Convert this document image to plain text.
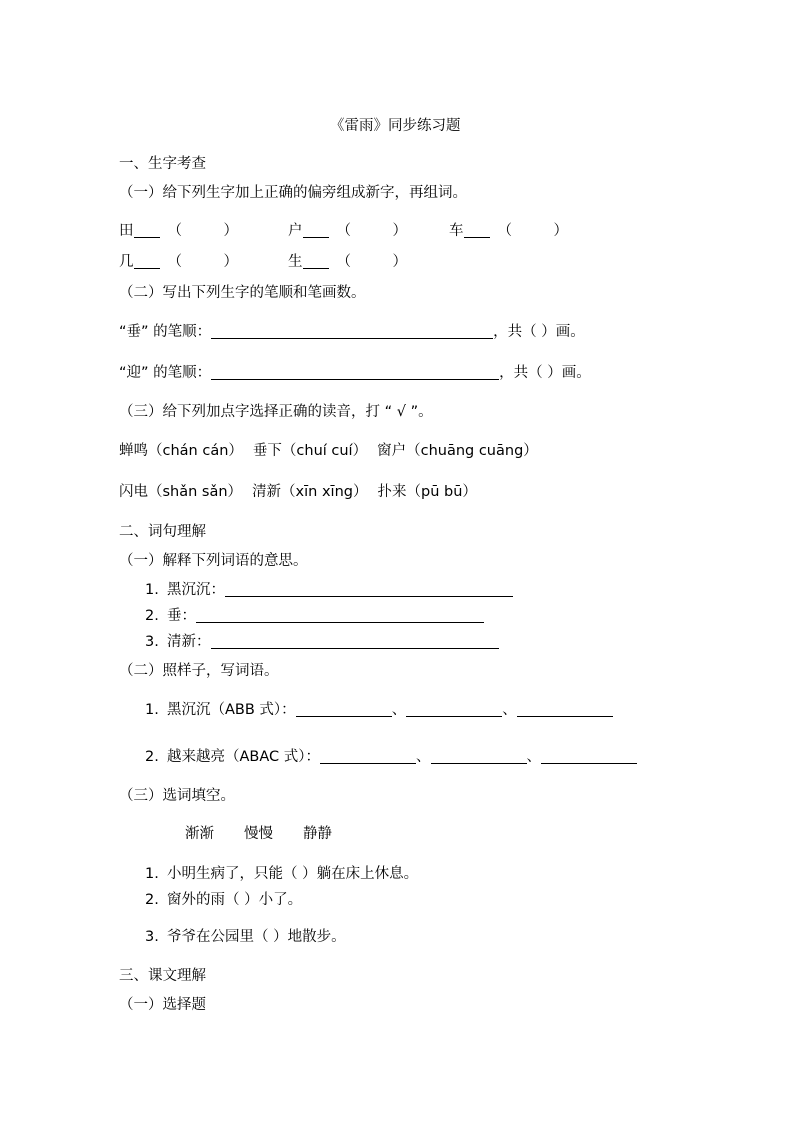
《雷雨》同步练习题
一、生字考查
（一）给下列生字加上正确的偏旁组成新字，再组词。
田 （         ）	户 （         ）	车 （         ）
几 （         ）	生 （         ）
（二）写出下列生字的笔顺和笔画数。
“垂” 的笔顺：	，共（ ）画。
“迎” 的笔顺：	，共（ ）画。
（三）给下列加点字选择正确的读音，打 “ √ ”。
蝉鸣（chán cán） 垂下（chuí cuí） 窗户（chuāng cuāng）
闪电（shǎn sǎn） 清新（xīn xīng） 扑来（pū bū）
二、词句理解
（一）解释下列词语的意思。
1. 黑沉沉：
2. 垂：
3. 清新：
（二）照样子，写词语。
1. 黑沉沉（ABB 式）：	、	、
2. 越来越亮（ABAC 式）：	、	、
（三）选词填空。
渐渐 慢慢 静静
1. 小明生病了，只能（ ）躺在床上休息。
2. 窗外的雨（ ）小了。
3. 爷爷在公园里（ ）地散步。
三、课文理解
（一）选择题
